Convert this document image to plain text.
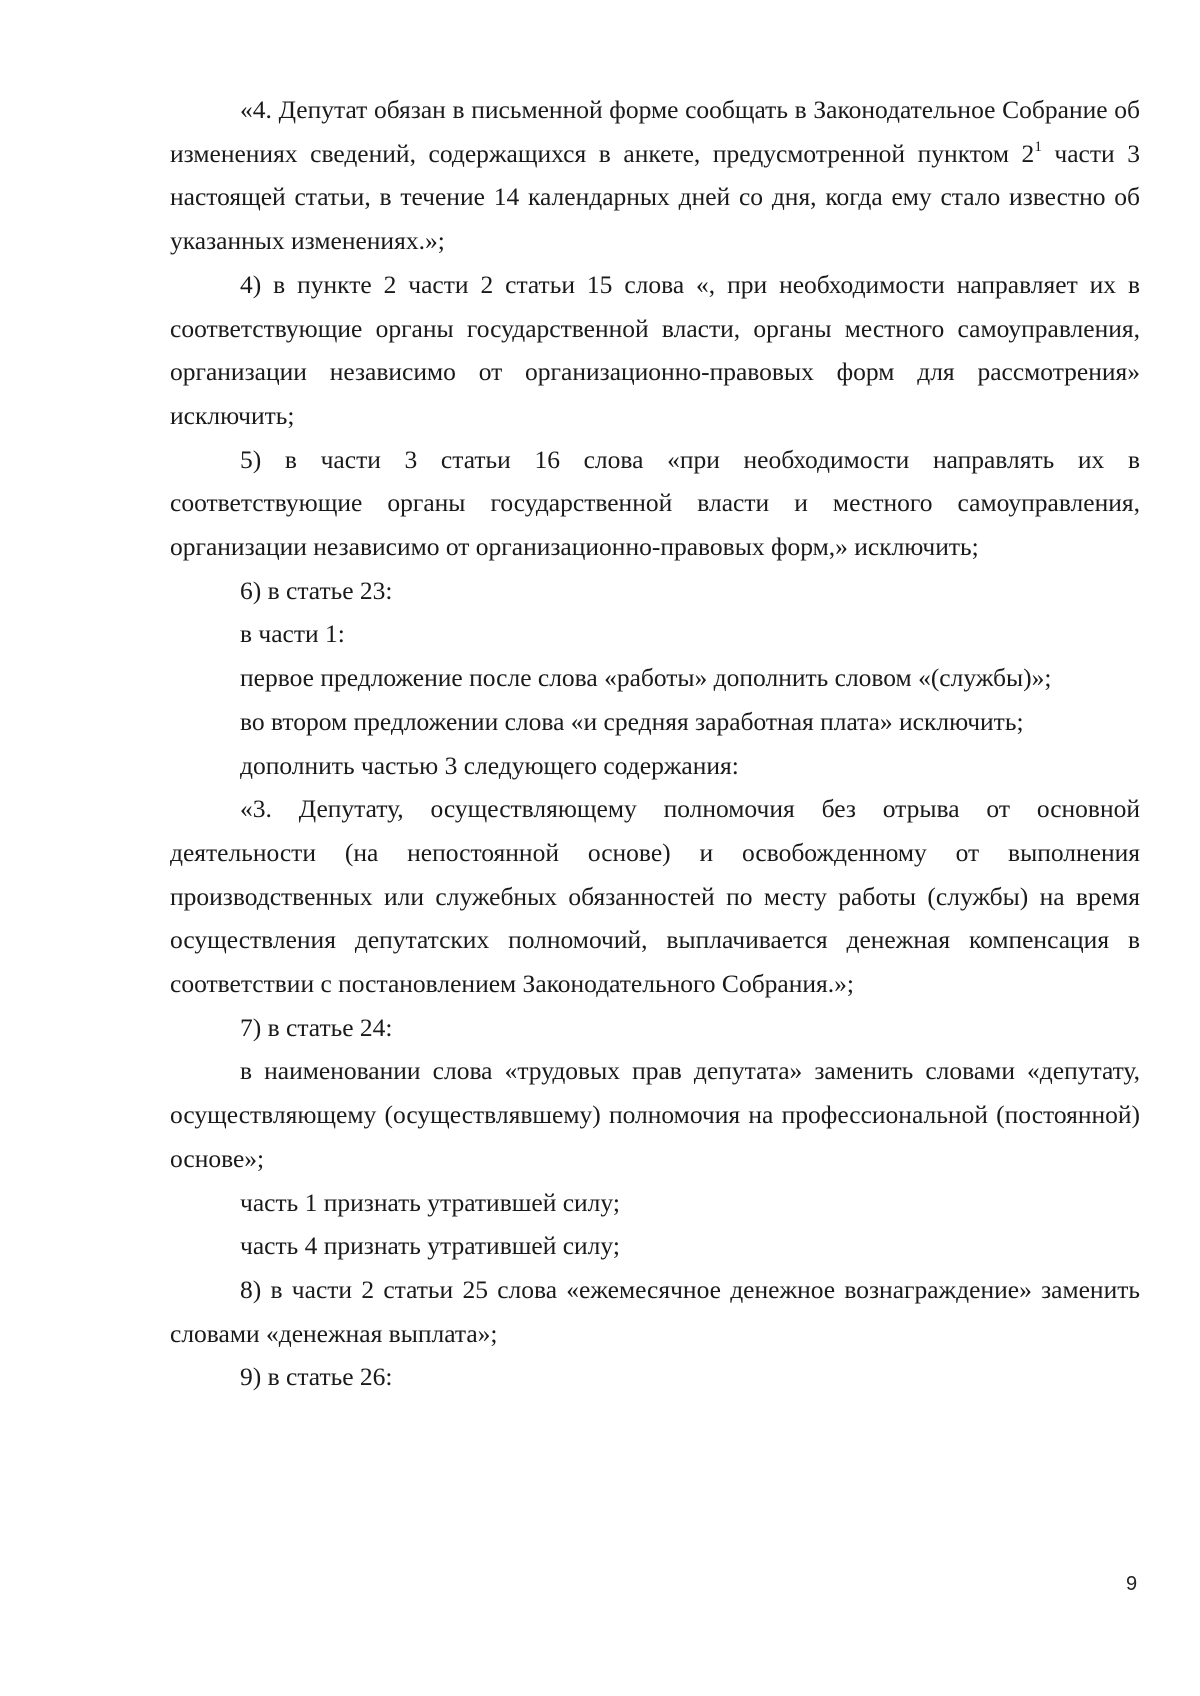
«4. Депутат обязан в письменной форме сообщать в Законодательное Собрание об изменениях сведений, содержащихся в анкете, предусмотренной пунктом $2^1$ части 3 настоящей статьи, в течение 14 календарных дней со дня, когда ему стало известно об указанных изменениях.»;

4) в пункте 2 части 2 статьи 15 слова «, при необходимости направляет их в соответствующие органы государственной власти, органы местного самоуправления, организации независимо от организационно-правовых форм для рассмотрения» исключить;

5) в части 3 статьи 16 слова «при необходимости направлять их в соответствующие органы государственной власти и местного самоуправления, организации независимо от организационно-правовых форм,» исключить;

6) в статье 23:

в части 1:

первое предложение после слова «работы» дополнить словом «(службы)»;

во втором предложении слова «и средняя заработная плата» исключить;

дополнить частью 3 следующего содержания:

«3. Депутату, осуществляющему полномочия без отрыва от основной деятельности (на непостоянной основе) и освобожденному от выполнения производственных или служебных обязанностей по месту работы (службы) на время осуществления депутатских полномочий, выплачивается денежная компенсация в соответствии с постановлением Законодательного Собрания.»;

7) в статье 24:

в наименовании слова «трудовых прав депутата» заменить словами «депутату, осуществляющему (осуществлявшему) полномочия на профессиональной (постоянной) основе»;

часть 1 признать утратившей силу;

часть 4 признать утратившей силу;

8) в части 2 статьи 25 слова «ежемесячное денежное вознаграждение» заменить словами «денежная выплата»;

9) в статье 26:

9
